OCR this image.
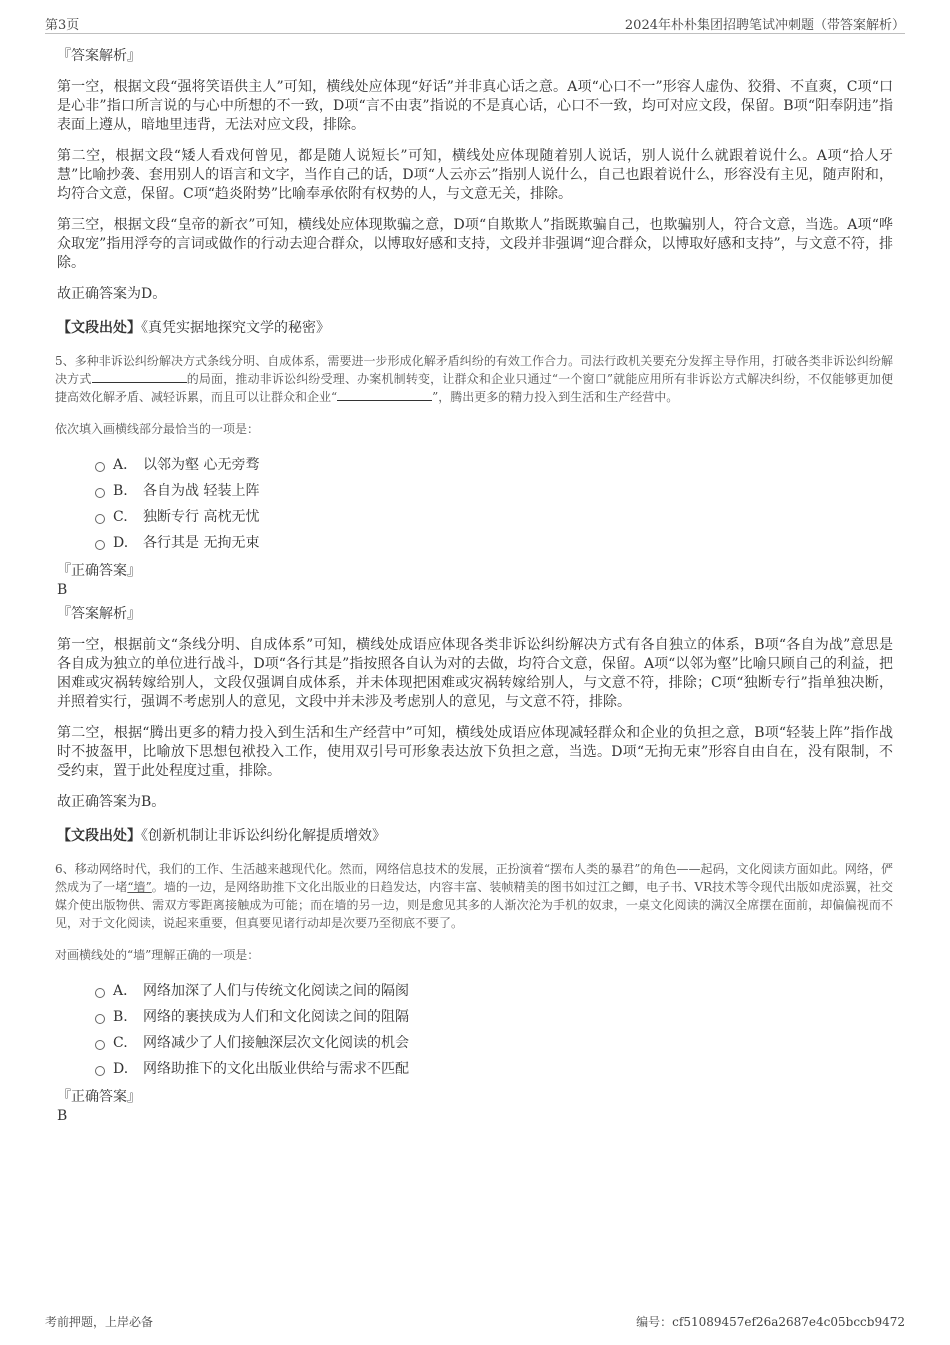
第3页	2024年朴朴集团招聘笔试冲刺题（带答案解析）
『答案解析』
第一空，根据文段“强将笑语供主人”可知，横线处应体现“好话”并非真心话之意。A项“心口不一”形容人虚伪、狡猾、不直爽，C项“口是心非”指口所言说的与心中所想的不一致，D项“言不由衷”指说的不是真心话，心口不一致，均可对应文段，保留。B项“阳奉阴违”指表面上遵从，暗地里违背，无法对应文段，排除。
第二空，根据文段“矮人看戏何曾见，都是随人说短长”可知，横线处应体现随着别人说话，别人说什么就跟着说什么。A项“拾人牙慧”比喻抄袭、套用别人的语言和文字，当作自己的话，D项“人云亦云”指别人说什么，自己也跟着说什么，形容没有主见，随声附和，均符合文意，保留。C项“趋炎附势”比喻奉承依附有权势的人，与文意无关，排除。
第三空，根据文段“皇帝的新衣”可知，横线处应体现欺骗之意，D项“自欺欺人”指既欺骗自己，也欺骗别人，符合文意，当选。A项“哗众取宠”指用浮夸的言词或做作的行动去迎合群众，以博取好感和支持，文段并非强调“迎合群众，以博取好感和支持”，与文意不符，排除。
故正确答案为D。
【文段出处】《真凭实据地探究文学的秘密》
5、多种非诉讼纠纷解决方式条线分明、自成体系，需要进一步形成化解矛盾纠纷的有效工作合力。司法行政机关要充分发挥主导作用，打破各类非诉讼纠纷解决方式	的局面，推动非诉讼纠纷受理、办案机制转变，让群众和企业只通过“一个窗口”就能应用所有非诉讼方式解决纠纷，不仅能够更加便捷高效化解矛盾、减轻诉累，而且可以让群众和企业“	”，腾出更多的精力投入到生活和生产经营中。
依次填入画横线部分最恰当的一项是：
A． 以邻为壑 心无旁骛
B.	各自为战 轻装上阵
C.	独断专行 高枕无忧
D.	各行其是 无拘无束
『正确答案』
B
『答案解析』
第一空，根据前文“条线分明、自成体系”可知，横线处成语应体现各类非诉讼纠纷解决方式有各自独立的体系，B项“各自为战”意思是各自成为独立的单位进行战斗，D项“各行其是”指按照各自认为对的去做，均符合文意，保留。A项“以邻为壑”比喻只顾自己的利益，把困难或灾祸转嫁给别人，文段仅强调自成体系，并未体现把困难或灾祸转嫁给别人，与文意不符，排除；C项“独断专行”指单独决断，并照着实行，强调不考虑别人的意见，文段中并未涉及考虑别人的意见，与文意不符，排除。
第二空，根据“腾出更多的精力投入到生活和生产经营中”可知，横线处成语应体现减轻群众和企业的负担之意，B项“轻装上阵”指作战时不披盔甲，比喻放下思想包袱投入工作，使用双引号可形象表达放下负担之意，当选。D项“无拘无束”形容自由自在，没有限制，不受约束，置于此处程度过重，排除。
故正确答案为B。
【文段出处】《创新机制让非诉讼纠纷化解提质增效》
6、移动网络时代，我们的工作、生活越来越现代化。然而，网络信息技术的发展，正扮演着“摆布人类的暴君”的角色——起码，文化阅读方面如此。网络，俨然成为了一堵“墙”。墙的一边，是网络助推下文化出版业的日趋发达，内容丰富、装帧精美的图书如过江之鲫，电子书、VR技术等令现代出版如虎添翼，社交媒介使出版物供、需双方零距离接触成为可能；而在墙的另一边，则是愈见其多的人渐次沦为手机的奴隶，一桌文化阅读的满汉全席摆在面前，却偏偏视而不见，对于文化阅读，说起来重要，但真要见诸行动却是次要乃至彻底不要了。
对画横线处的“墙”理解正确的一项是：
A． 网络加深了人们与传统文化阅读之间的隔阂
B.	网络的裹挟成为人们和文化阅读之间的阻隔
C.	网络减少了人们接触深层次文化阅读的机会
D.	网络助推下的文化出版业供给与需求不匹配
『正确答案』
B
考前押题，上岸必备	编号：cf51089457ef26a2687e4c05bccb9472
